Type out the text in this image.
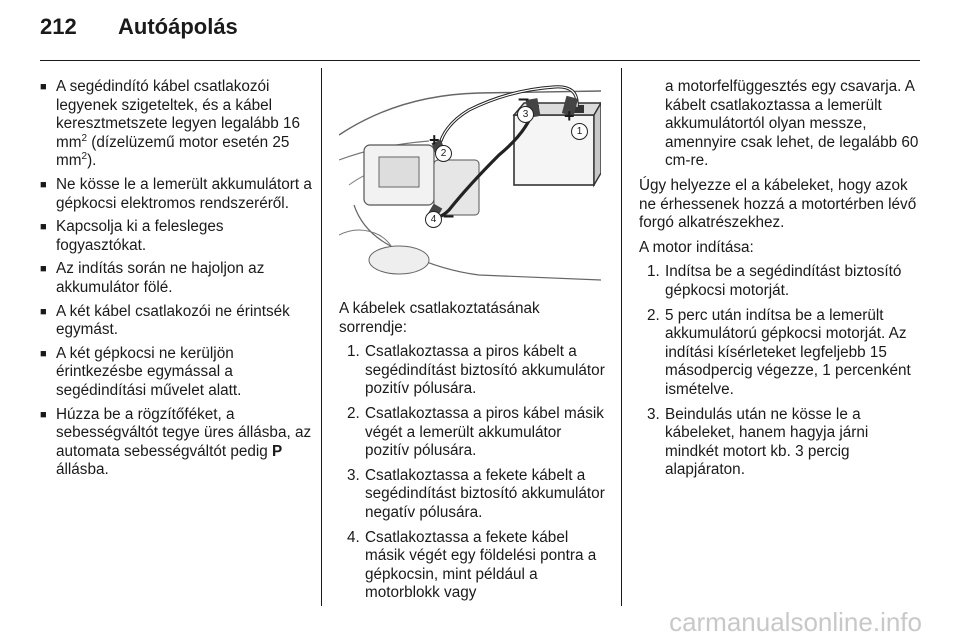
212 Autóápolás
■ A segédindító kábel csatlakozói legyenek szigeteltek, és a kábel keresztmetszete legyen legalább 16 $mm^2$ (dízelüzemű motor esetén 25 $mm^2$).
■ Ne kösse le a lemerült akkumulátort a gépkocsi elektromos rendszeréről.
■ Kapcsolja ki a felesleges fogyasztókat.
■ Az indítás során ne hajoljon az akkumulátor fölé.
■ A két kábel csatlakozói ne érintsék egymást.
■ A két gépkocsi ne kerüljön érintkezésbe egymással a segédindítási művelet alatt.
■ Húzza be a rögzítőféket, a sebességváltót tegye üres állásba, az automata sebességváltót pedig P állásba.
1
2
3
4
+
+
–
–

A kábelek csatlakoztatásának sorrendje:

1. Csatlakoztassa a piros kábelt a segédindítást biztosító akkumulátor pozitív pólusára.
2. Csatlakoztassa a piros kábel másik végét a lemerült akkumulátor pozitív pólusára.
3. Csatlakoztassa a fekete kábelt a segédindítást biztosító akkumulátor negatív pólusára.
4. Csatlakoztassa a fekete kábel másik végét egy földelési pontra a gépkocsin, mint például a motorblokk vagy

a motorfelfüggesztés egy csavarja. A kábelt csatlakoztassa a lemerült akkumulátortól olyan messze, amennyire csak lehet, de legalább 60 cm-re.

Úgy helyezze el a kábeleket, hogy azok ne érhessenek hozzá a motortérben lévő forgó alkatrészekhez.

A motor indítása:

1. Indítsa be a segédindítást biztosító gépkocsi motorját.
2. 5 perc után indítsa be a lemerült akkumulátorú gépkocsi motorját. Az indítási kísérleteket legfeljebb 15 másodpercig végezze, 1 percenként ismételve.
3. Beindulás után ne kösse le a kábeleket, hanem hagyja járni mindkét motort kb. 3 percig alapjáraton.
carmanualsonline.info
